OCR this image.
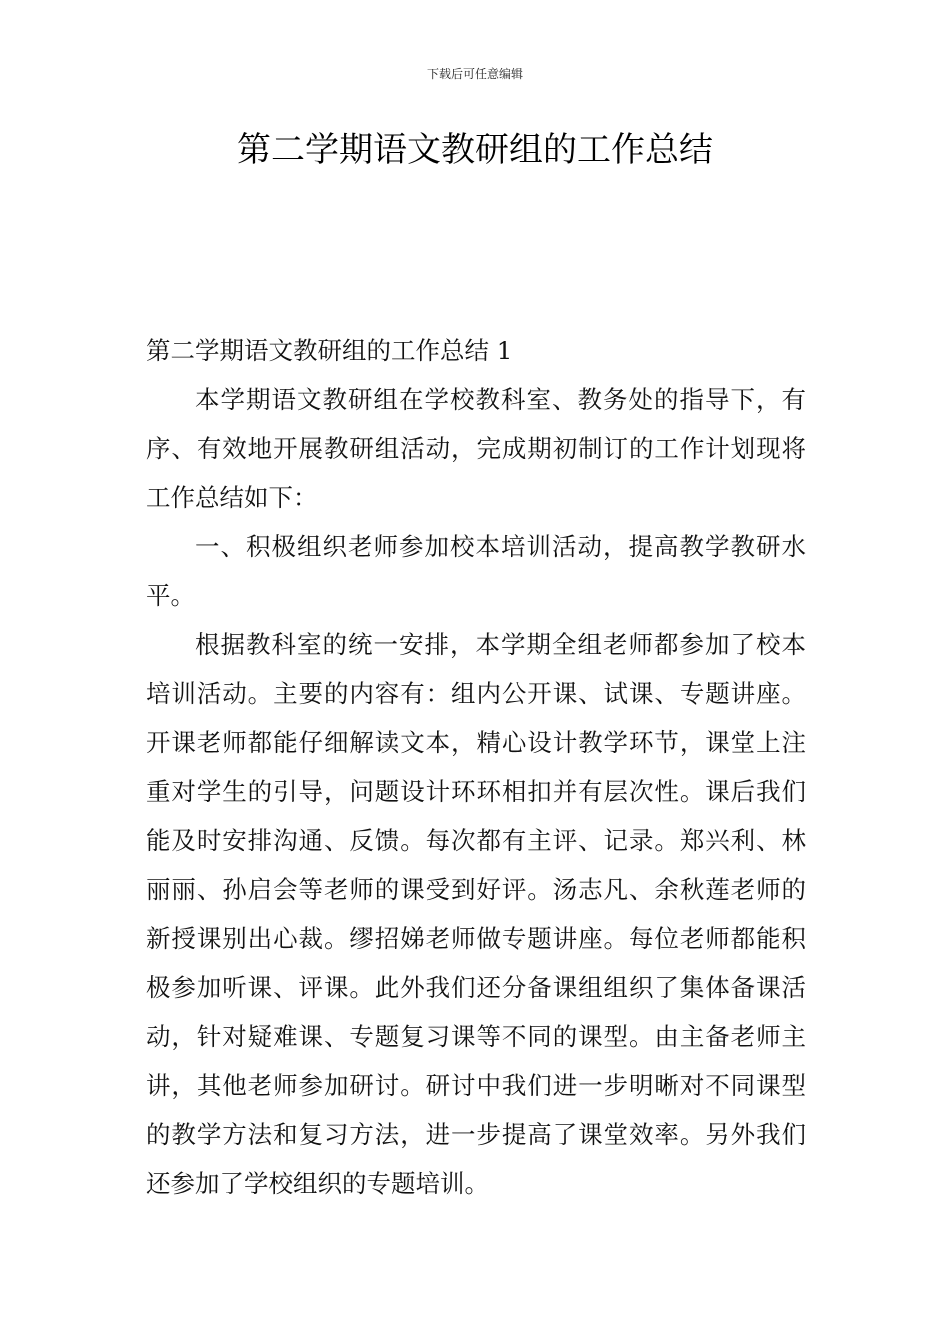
下载后可任意编辑
第二学期语文教研组的工作总结

第二学期语文教研组的工作总结 1

本学期语文教研组在学校教科室、教务处的指导下，有序、有效地开展教研组活动，完成期初制订的工作计划现将工作总结如下：

一、积极组织老师参加校本培训活动，提高教学教研水平。

根据教科室的统一安排，本学期全组老师都参加了校本培训活动。主要的内容有：组内公开课、试课、专题讲座。开课老师都能仔细解读文本，精心设计教学环节，课堂上注重对学生的引导，问题设计环环相扣并有层次性。课后我们能及时安排沟通、反馈。每次都有主评、记录。郑兴利、林丽丽、孙启会等老师的课受到好评。汤志凡、余秋莲老师的新授课别出心裁。缪招娣老师做专题讲座。每位老师都能积极参加听课、评课。此外我们还分备课组组织了集体备课活动，针对疑难课、专题复习课等不同的课型。由主备老师主讲，其他老师参加研讨。研讨中我们进一步明晰对不同课型的教学方法和复习方法，进一步提高了课堂效率。另外我们还参加了学校组织的专题培训。
